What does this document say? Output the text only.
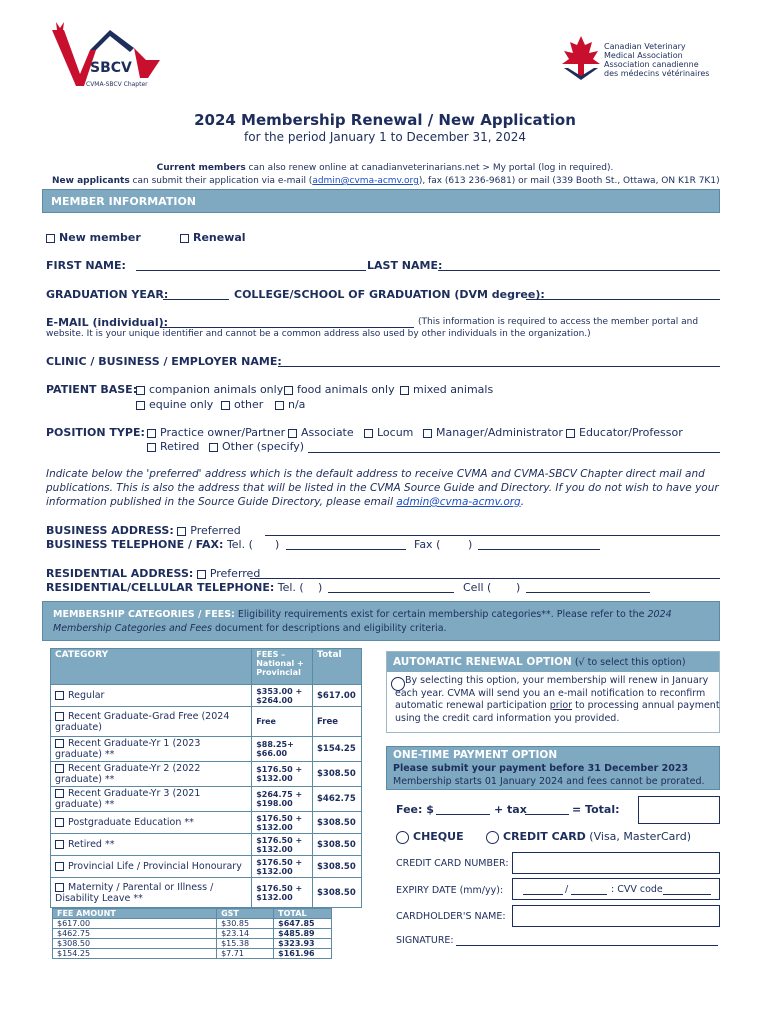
SBCV
CVMA-SBCV Chapter
Canadian Veterinary
Medical Association
Association canadienne
des médecins vétérinaires
2024 Membership Renewal / New Application
for the period January 1 to December 31, 2024
Current members can also renew online at canadianveterinarians.net > My portal (log in required).
New applicants can submit their application via e-mail (admin@cvma-acmv.org), fax (613 236-9681) or mail (339 Booth St., Ottawa, ON K1R 7K1)
MEMBER INFORMATION
New member	Renewal
FIRST NAME:	LAST NAME:
GRADUATION YEAR:	COLLEGE/SCHOOL OF GRADUATION (DVM degree):
E-MAIL (individual):	(This information is required to access the member portal and
website. It is your unique identifier and cannot be a common address also used by other individuals in the organization.)
CLINIC / BUSINESS / EMPLOYER NAME:
PATIENT BASE:	companion animals only	food animals only	mixed animals
equine only	other	n/a
POSITION TYPE:	Practice owner/Partner	Associate	Locum	Manager/Administrator	Educator/Professor
Retired	Other (specify)
Indicate below the 'preferred' address which is the default address to receive CVMA and CVMA-SBCV Chapter direct mail and
publications. This is also the address that will be listed in the CVMA Source Guide and Directory. If you do not wish to have your
information published in the Source Guide Directory, please email admin@cvma-acmv.org.
BUSINESS ADDRESS: Preferred
BUSINESS TELEPHONE / FAX: Tel. ( )	Fax (	)
RESIDENTIAL ADDRESS: Preferred
RESIDENTIAL/CELLULAR TELEPHONE: Tel. ( )	Cell ( )
MEMBERSHIP CATEGORIES / FEES: Eligibility requirements exist for certain membership categories**. Please refer to the 2024
Membership Categories and Fees document for descriptions and eligibility criteria.
CATEGORY	FEES – National + Provincial	Total
Regular	$353.00 + $264.00	$617.00
Recent Graduate-Grad Free (2024 graduate)	Free	Free
Recent Graduate-Yr 1 (2023 graduate) **	$88.25+ $66.00	$154.25
Recent Graduate-Yr 2 (2022 graduate) **	$176.50 + $132.00	$308.50
Recent Graduate-Yr 3 (2021 graduate) **	$264.75 + $198.00	$462.75
Postgraduate Education **	$176.50 + $132.00	$308.50
Retired **	$176.50 + $132.00	$308.50
Provincial Life / Provincial Honourary	$176.50 + $132.00	$308.50
Maternity / Parental or Illness / Disability Leave **	$176.50 + $132.00	$308.50
FEE AMOUNT	GST	TOTAL
$617.00	$30.85	$647.85
$462.75	$23.14	$485.89
$308.50	$15.38	$323.93
$154.25	$7.71	$161.96
AUTOMATIC RENEWAL OPTION (√ to select this option)
By selecting this option, your membership will renew in January
each year. CVMA will send you an e-mail notification to reconfirm
automatic renewal participation prior to processing annual payment
using the credit card information you provided.
ONE-TIME PAYMENT OPTION
Please submit your payment before 31 December 2023
Membership starts 01 January 2024 and fees cannot be prorated.
Fee: $	+ tax	= Total:
CHEQUE	CREDIT CARD (Visa, MasterCard)
CREDIT CARD NUMBER:
EXPIRY DATE (mm/yy):	/	: CVV code
CARDHOLDER'S NAME:
SIGNATURE:
